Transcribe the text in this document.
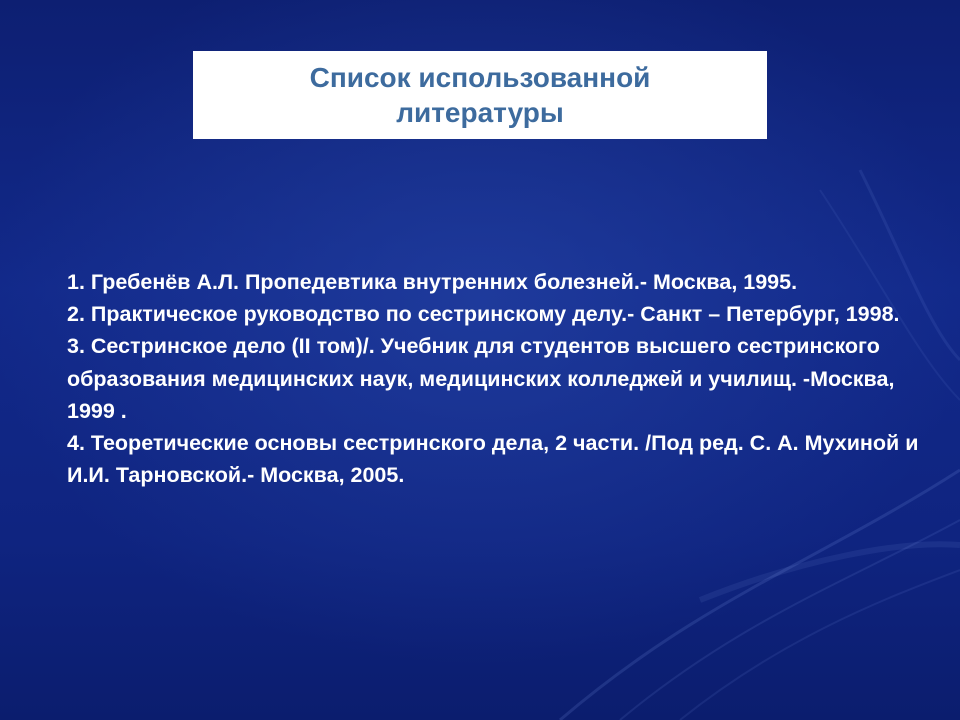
Список использованной
литературы
1. Гребенёв А.Л. Пропедевтика внутренних болезней.- Москва, 1995.
2. Практическое руководство по сестринскому делу.- Санкт – Петербург, 1998.
3. Сестринское дело (II том)/. Учебник для студентов высшего сестринского образования медицинских наук, медицинских колледжей и училищ. -Москва, 1999 .
4. Теоретические основы сестринского дела, 2 части. /Под ред. С. А. Мухиной и И.И. Тарновской.- Москва, 2005.
